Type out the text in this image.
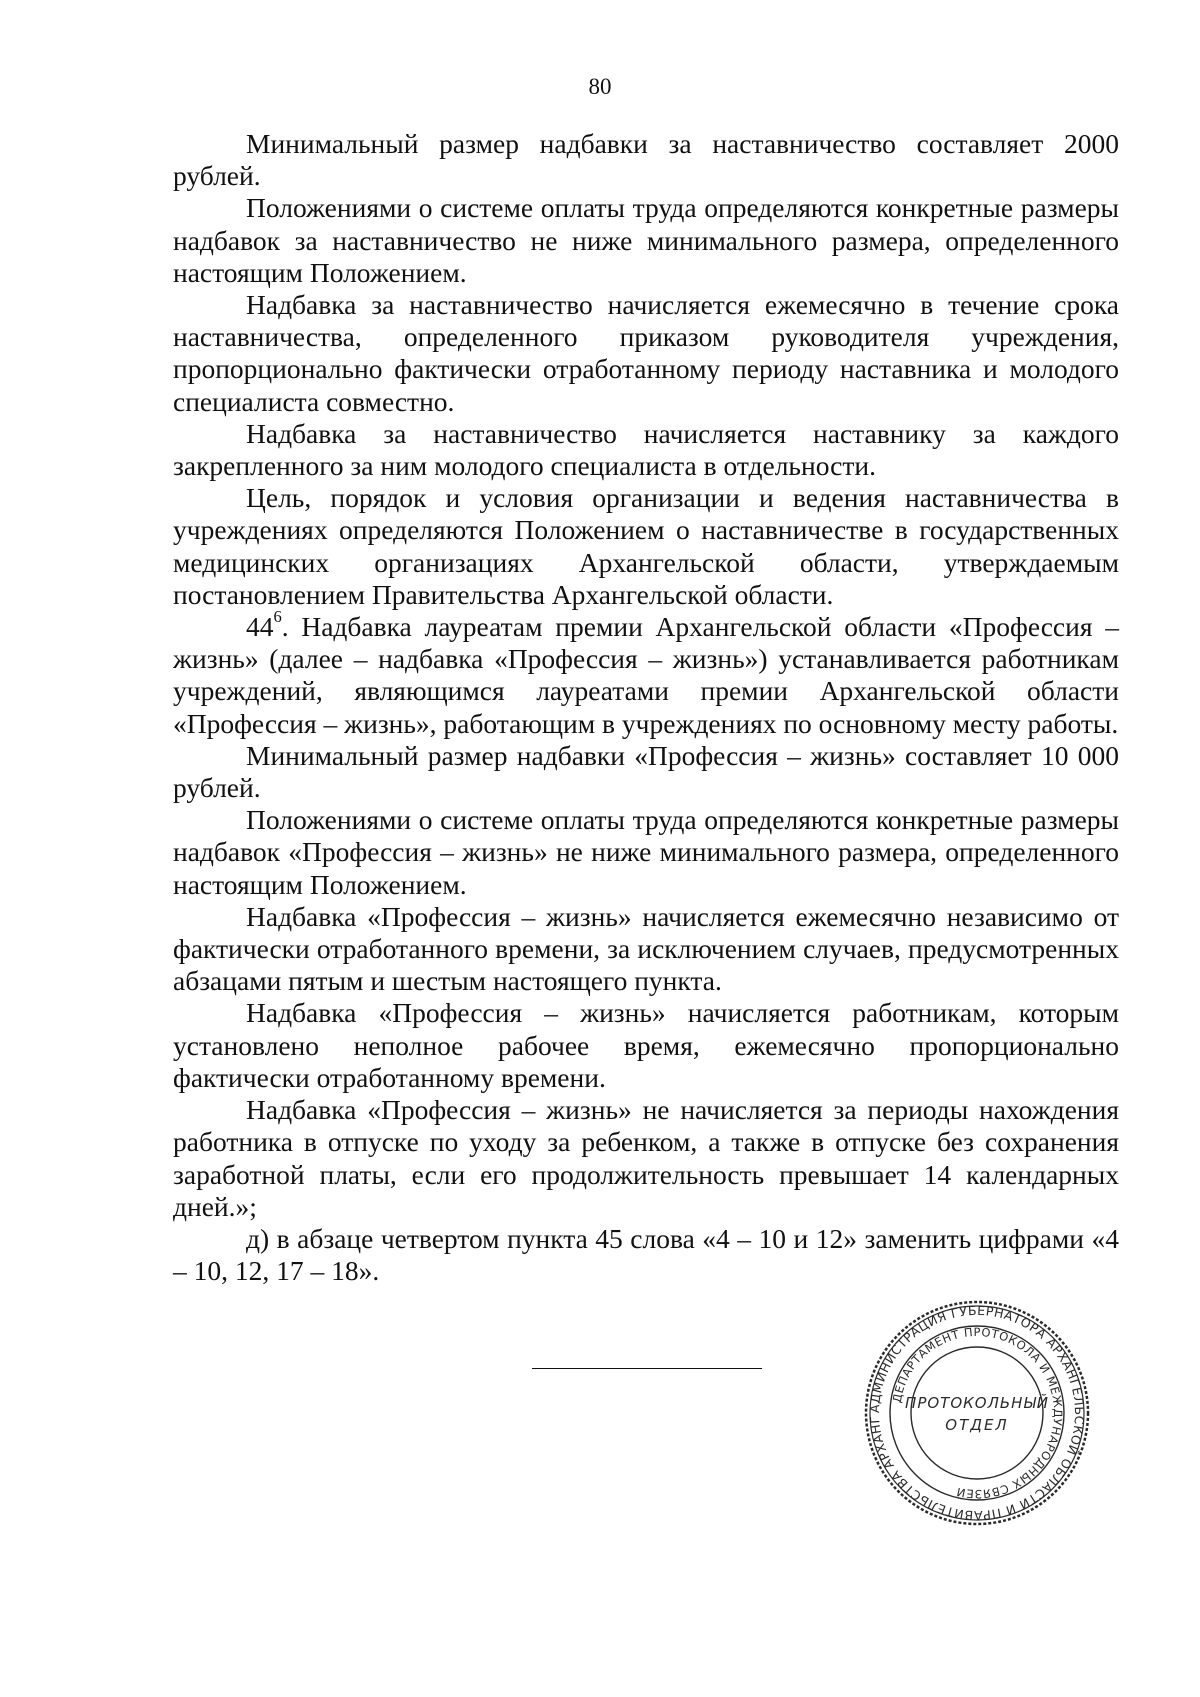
80

Минимальный размер надбавки за наставничество составляет 2000 рублей.

Положениями о системе оплаты труда определяются конкретные размеры надбавок за наставничество не ниже минимального размера, определенного настоящим Положением.

Надбавка за наставничество начисляется ежемесячно в течение срока наставничества, определенного приказом руководителя учреждения, пропорционально фактически отработанному периоду наставника и молодого специалиста совместно.

Надбавка за наставничество начисляется наставнику за каждого закрепленного за ним молодого специалиста в отдельности.

Цель, порядок и условия организации и ведения наставничества в учреждениях определяются Положением о наставничестве в государственных медицинских организациях Архангельской области, утверждаемым постановлением Правительства Архангельской области.

$44^6$. Надбавка лауреатам премии Архангельской области «Профессия – жизнь» (далее – надбавка «Профессия – жизнь») устанавливается работникам учреждений, являющимся лауреатами премии Архангельской области «Профессия – жизнь», работающим в учреждениях по основному месту работы.

Минимальный размер надбавки «Профессия – жизнь» составляет 10 000 рублей.

Положениями о системе оплаты труда определяются конкретные размеры надбавок «Профессия – жизнь» не ниже минимального размера, определенного настоящим Положением.

Надбавка «Профессия – жизнь» начисляется ежемесячно независимо от фактически отработанного времени, за исключением случаев, предусмотренных абзацами пятым и шестым настоящего пункта.

Надбавка «Профессия – жизнь» начисляется работникам, которым установлено неполное рабочее время, ежемесячно пропорционально фактически отработанному времени.

Надбавка «Профессия – жизнь» не начисляется за периоды нахождения работника в отпуске по уходу за ребенком, а также в отпуске без сохранения заработной платы, если его продолжительность превышает 14 календарных дней.»;

д) в абзаце четвертом пункта 45 слова «4 – 10 и 12» заменить цифрами «4 – 10, 12, 17 – 18».

АДМИНИСТРАЦИЯ ГУБЕРНАТОРА АРХАНГЕЛЬСКОЙ ОБЛАСТИ И ПРАВИТЕЛЬСТВА АРХАНГ
ДЕПАРТАМЕНТ ПРОТОКОЛА И МЕЖДУНАРОДНЫХ СВЯЗЕЙ
ПРОТОКОЛЬНЫЙ
ОТДЕЛ
